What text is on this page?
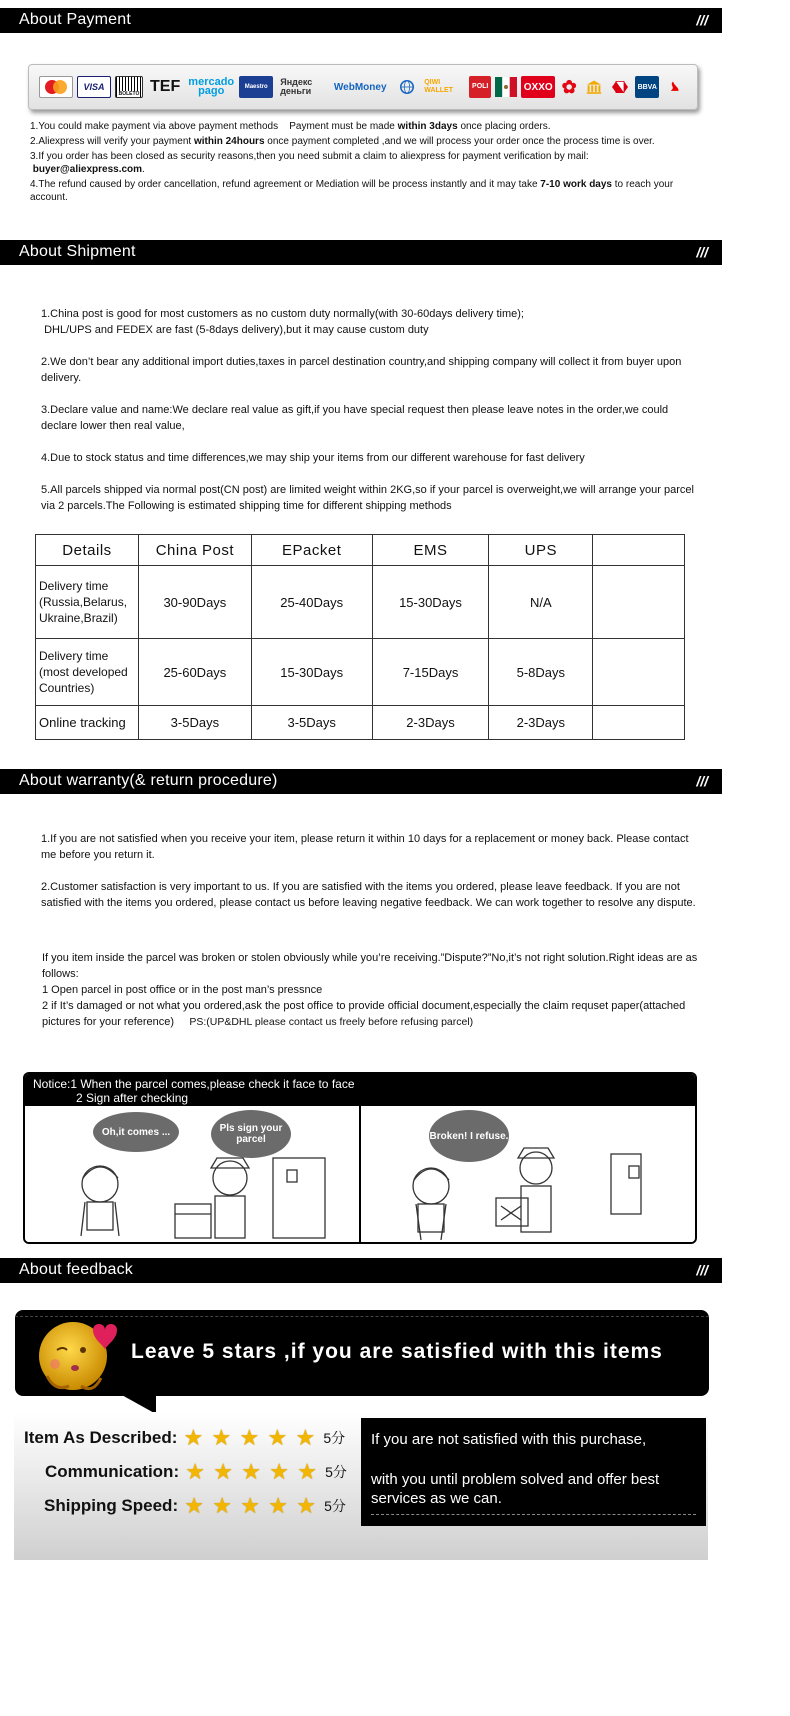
About Payment	///
VISA
BOLETO TEF mercado pago	Maestro	Яндекс деньги	WebMoney	QIWI WALLET
POLI	OXXO ✿	BBVA

1.You could make payment via above payment methods Payment must be made within 3days once placing orders.

2.Aliexpress will verify your payment within 24hours once payment completed ,and we will process your order once the process time is over.

3.If you order has been closed as security reasons,then you need submit a claim to aliexpress for payment verification by mail:
buyer@aliexpress.com.

4.The refund caused by order cancellation, refund agreement or Mediation will be process instantly and it may take 7-10 work days to reach your account.

About Shipment	///

1.China post is good for most customers as no custom duty normally(with 30-60days delivery time);
DHL/UPS and FEDEX are fast (5-8days delivery),but it may cause custom duty

2.We don’t bear any additional import duties,taxes in parcel destination country,and shipping company will collect it from buyer upon delivery.

3.Declare value and name:We declare real value as gift,if you have special request then please leave notes in the order,we could declare lower then real value,

4.Due to stock status and time differences,we may ship your items from our different warehouse for fast delivery

5.All parcels shipped via normal post(CN post) are limited weight within 2KG,so if your parcel is overweight,we will arrange your parcel via 2 parcels.The Following is estimated shipping time for different shipping methods

Details	China Post	EPacket	EMS	UPS	
Delivery time (Russia,Belarus, Ukraine,Brazil)	30-90Days	25-40Days	15-30Days	N/A	
Delivery time (most developed Countries)	25-60Days	15-30Days	7-15Days	5-8Days	
Online tracking	3-5Days	3-5Days	2-3Days	2-3Days	
About warranty(& return procedure)	///

1.If you are not satisfied when you receive your item, please return it within 10 days for a replacement or money back. Please contact me before you return it.

2.Customer satisfaction is very important to us. If you are satisfied with the items you ordered, please leave feedback. If you are not satisfied with the items you ordered, please contact us before leaving negative feedback. We can work together to resolve any dispute.

If you item inside the parcel was broken or stolen obviously while you’re receiving.”Dispute?”No,it’s not right solution.Right ideas are as follows:
1 Open parcel in post office or in the post man’s pressnce
2 if It’s damaged or not what you ordered,ask the post office to provide official document,especially the claim requset paper(attached pictures for your reference) PS:(UP&DHL please contact us freely before refusing parcel)
Notice:1 When the parcel comes,please check it face to face
2 Sign after checking
Oh,it comes ...	Pls sign your parcel	Broken! I refuse.
About feedback	///
Leave 5 stars ,if you are satisfied with this items
Item As Described: ★ ★ ★ ★ ★ 5分
Communication: ★ ★ ★ ★ ★ 5分
Shipping Speed: ★ ★ ★ ★ ★ 5分
If you are not satisfied with this purchase,
with you until problem solved and offer best services as we can.
